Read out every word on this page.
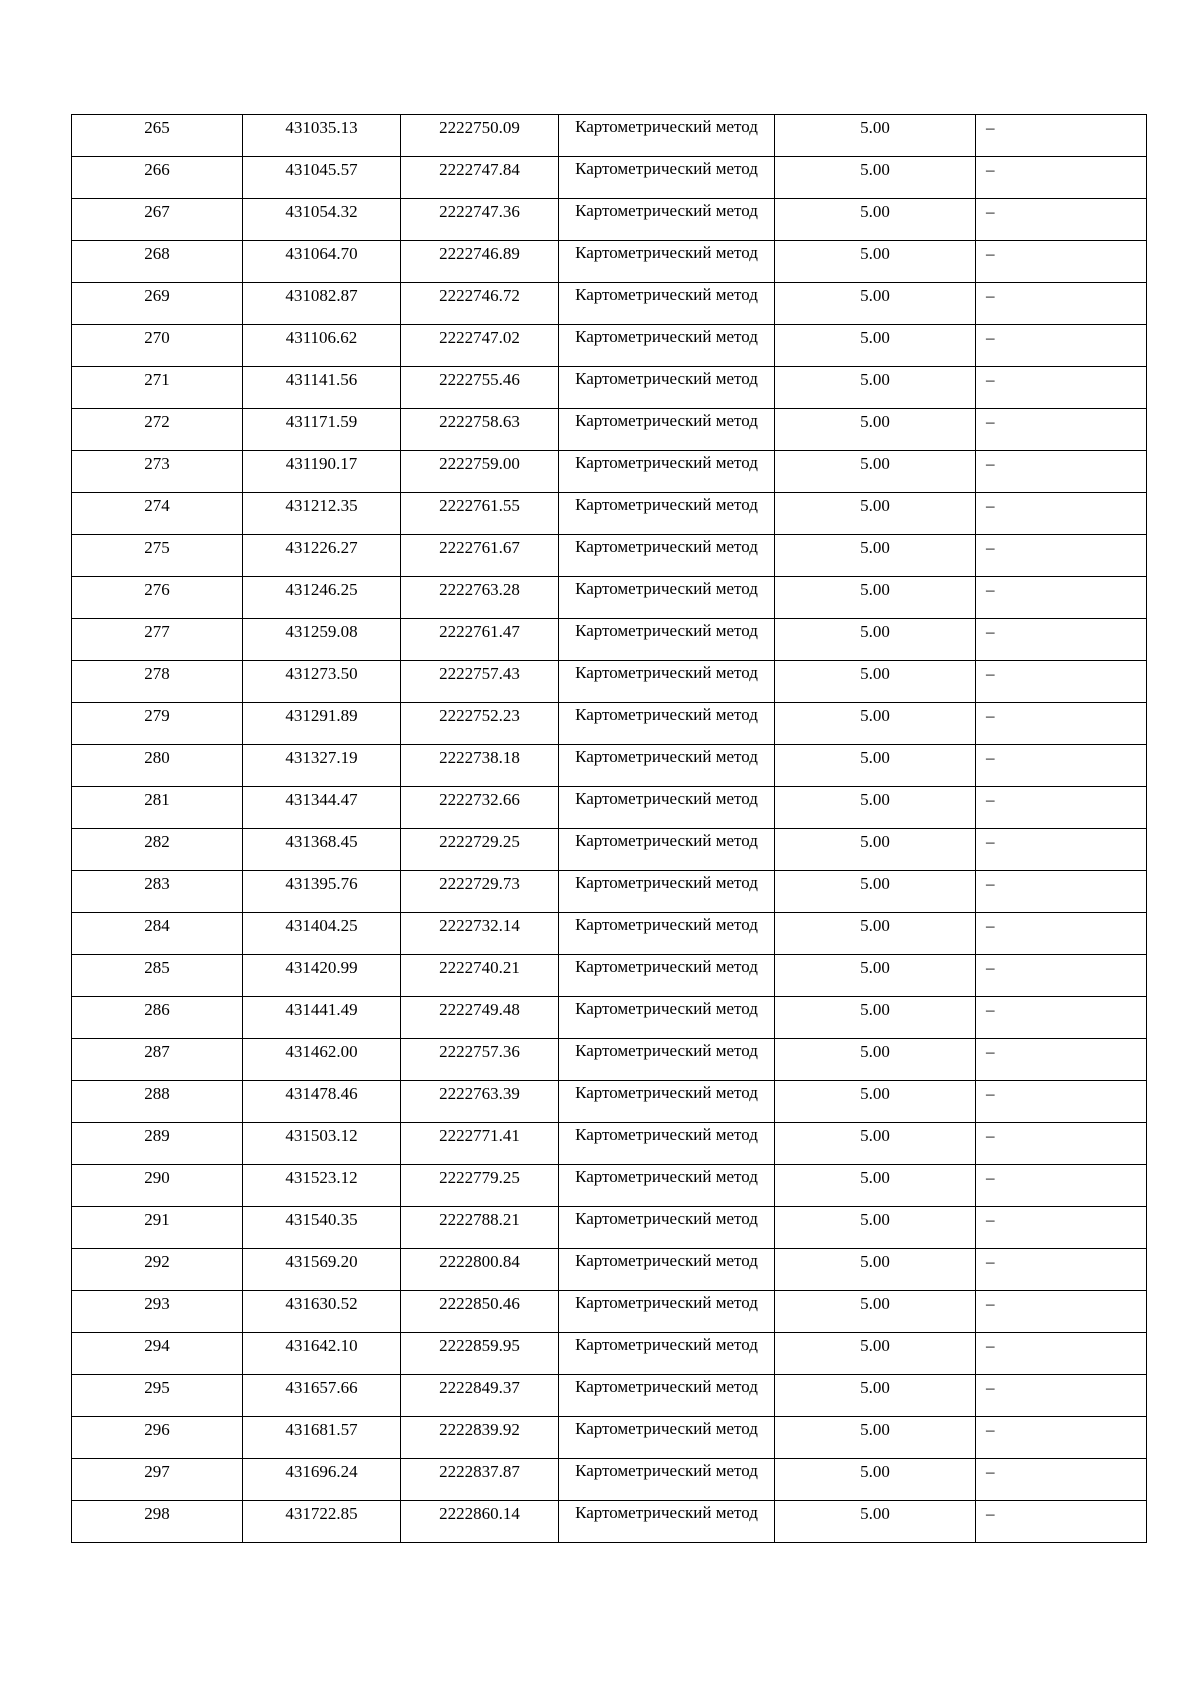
265	431035.13	2222750.09	Картометрический метод	5.00	–

266	431045.57	2222747.84	Картометрический метод	5.00	–

267	431054.32	2222747.36	Картометрический метод	5.00	–

268	431064.70	2222746.89	Картометрический метод	5.00	–

269	431082.87	2222746.72	Картометрический метод	5.00	–

270	431106.62	2222747.02	Картометрический метод	5.00	–

271	431141.56	2222755.46	Картометрический метод	5.00	–

272	431171.59	2222758.63	Картометрический метод	5.00	–

273	431190.17	2222759.00	Картометрический метод	5.00	–

274	431212.35	2222761.55	Картометрический метод	5.00	–

275	431226.27	2222761.67	Картометрический метод	5.00	–

276	431246.25	2222763.28	Картометрический метод	5.00	–

277	431259.08	2222761.47	Картометрический метод	5.00	–

278	431273.50	2222757.43	Картометрический метод	5.00	–

279	431291.89	2222752.23	Картометрический метод	5.00	–

280	431327.19	2222738.18	Картометрический метод	5.00	–

281	431344.47	2222732.66	Картометрический метод	5.00	–

282	431368.45	2222729.25	Картометрический метод	5.00	–

283	431395.76	2222729.73	Картометрический метод	5.00	–

284	431404.25	2222732.14	Картометрический метод	5.00	–

285	431420.99	2222740.21	Картометрический метод	5.00	–

286	431441.49	2222749.48	Картометрический метод	5.00	–

287	431462.00	2222757.36	Картометрический метод	5.00	–

288	431478.46	2222763.39	Картометрический метод	5.00	–

289	431503.12	2222771.41	Картометрический метод	5.00	–

290	431523.12	2222779.25	Картометрический метод	5.00	–

291	431540.35	2222788.21	Картометрический метод	5.00	–

292	431569.20	2222800.84	Картометрический метод	5.00	–

293	431630.52	2222850.46	Картометрический метод	5.00	–

294	431642.10	2222859.95	Картометрический метод	5.00	–

295	431657.66	2222849.37	Картометрический метод	5.00	–

296	431681.57	2222839.92	Картометрический метод	5.00	–

297	431696.24	2222837.87	Картометрический метод	5.00	–

298	431722.85	2222860.14	Картометрический метод	5.00	–
